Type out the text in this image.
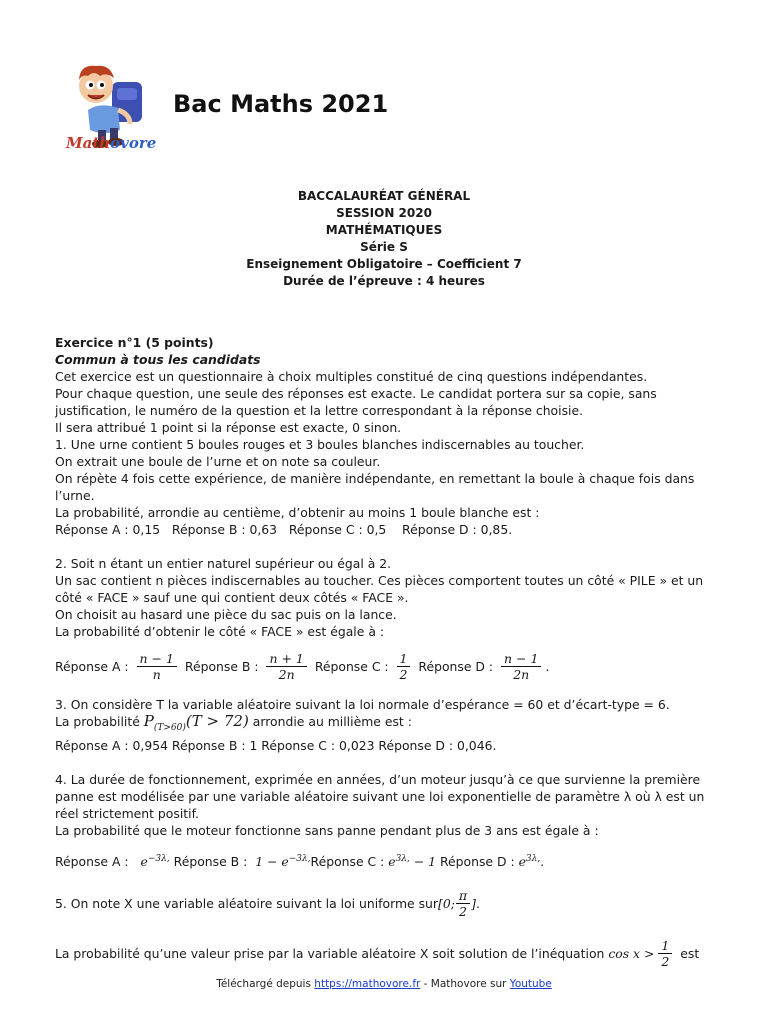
Mathovore
Bac Maths 2021
BACCALAURÉAT GÉNÉRAL
SESSION 2020
MATHÉMATIQUES
Série S
Enseignement Obligatoire – Coefficient 7
Durée de l’épreuve : 4 heures

Exercice n°1 (5 points)

Commun à tous les candidats

Cet exercice est un questionnaire à choix multiples constitué de cinq questions indépendantes.

Pour chaque question, une seule des réponses est exacte. Le candidat portera sur sa copie, sans

justification, le numéro de la question et la lettre correspondant à la réponse choisie.

Il sera attribué 1 point si la réponse est exacte, 0 sinon.

1. Une urne contient 5 boules rouges et 3 boules blanches indiscernables au toucher.

On extrait une boule de l’urne et on note sa couleur.

On répète 4 fois cette expérience, de manière indépendante, en remettant la boule à chaque fois dans

l’urne.

La probabilité, arrondie au centième, d’obtenir au moins 1 boule blanche est :

Réponse A : 0,15   Réponse B : 0,63   Réponse C : 0,5    Réponse D : 0,85.

2. Soit n étant un entier naturel supérieur ou égal à 2.

Un sac contient n pièces indiscernables au toucher. Ces pièces comportent toutes un côté « PILE » et un

côté « FACE » sauf une qui contient deux côtés « FACE ».

On choisit au hasard une pièce du sac puis on la lance.

La probabilité d’obtenir le côté « FACE » est égale à :

Réponse A : $\frac{n - 1}{n}$ Réponse B : $\frac{n + 1}{2n}$ Réponse C : $\frac{1}{2}$ Réponse D : $\frac{n - 1}{2n}$ .

3. On considère T la variable aléatoire suivant la loi normale d’espérance = 60 et d’écart-type = 6.

La probabilité $P_{(T>60)}(T > 72)$ arrondie au millième est :

Réponse A : 0,954 Réponse B : 1 Réponse C : 0,023 Réponse D : 0,046.

4. La durée de fonctionnement, exprimée en années, d’un moteur jusqu’à ce que survienne la première

panne est modélisée par une variable aléatoire suivant une loi exponentielle de paramètre λ où λ est un

réel strictement positif.

La probabilité que le moteur fonctionne sans panne pendant plus de 3 ans est égale à :

Réponse A : $e^{-3\lambda,}$ Réponse B : $1 - e^{-3\lambda,}$ Réponse C : $e^{3\lambda,} - 1$ Réponse D : $e^{3\lambda,}$ .
5. On note X une variable aléatoire suivant la loi uniforme sur [0; $\frac{\pi}{2}$ ].
La probabilité qu’une valeur prise par la variable aléatoire X soit solution de l’inéquation $\cos x > \frac{1}{2}$ est
Téléchargé depuis https://mathovore.fr - Mathovore sur Youtube
